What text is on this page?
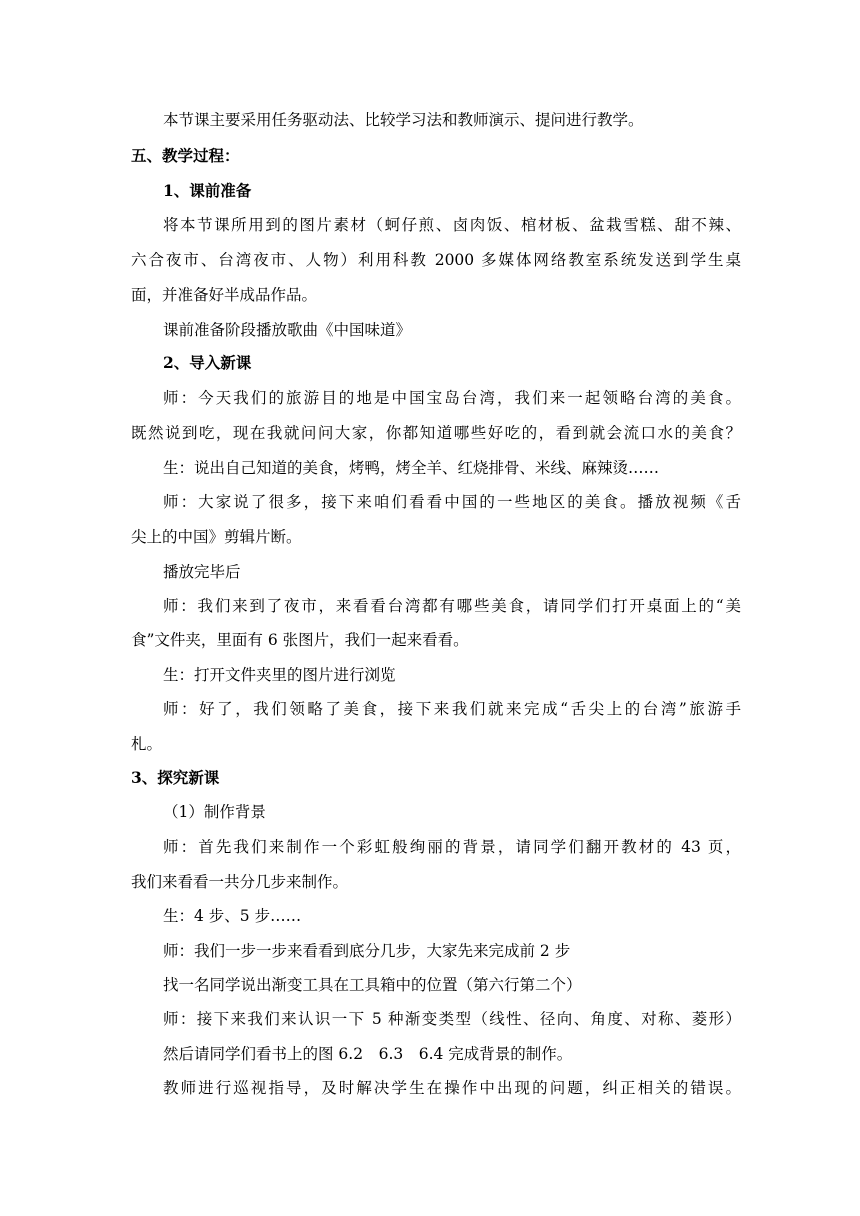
本节课主要采用任务驱动法、比较学习法和教师演示、提问进行教学。
五、教学过程：
1、课前准备
将本节课所用到的图片素材（蚵仔煎、卤肉饭、棺材板、盆栽雪糕、甜不辣、
六合夜市、台湾夜市、人物）利用科教 2000 多媒体网络教室系统发送到学生桌
面，并准备好半成品作品。
课前准备阶段播放歌曲《中国味道》
2、导入新课
师：今天我们的旅游目的地是中国宝岛台湾，我们来一起领略台湾的美食。
既然说到吃，现在我就问问大家，你都知道哪些好吃的，看到就会流口水的美食？
生：说出自己知道的美食，烤鸭，烤全羊、红烧排骨、米线、麻辣烫……
师：大家说了很多，接下来咱们看看中国的一些地区的美食。播放视频《舌
尖上的中国》剪辑片断。
播放完毕后
师：我们来到了夜市，来看看台湾都有哪些美食，请同学们打开桌面上的“美
食”文件夹，里面有 6 张图片，我们一起来看看。
生：打开文件夹里的图片进行浏览
师：好了，我们领略了美食，接下来我们就来完成“舌尖上的台湾”旅游手
札。
3、探究新课
（1）制作背景
师：首先我们来制作一个彩虹般绚丽的背景，请同学们翻开教材的 43 页，
我们来看看一共分几步来制作。
生：4 步、5 步……
师：我们一步一步来看看到底分几步，大家先来完成前 2 步
找一名同学说出渐变工具在工具箱中的位置（第六行第二个）
师：接下来我们来认识一下 5 种渐变类型（线性、径向、角度、对称、菱形）
然后请同学们看书上的图 6.2　6.3　6.4 完成背景的制作。
教师进行巡视指导，及时解决学生在操作中出现的问题，纠正相关的错误。
